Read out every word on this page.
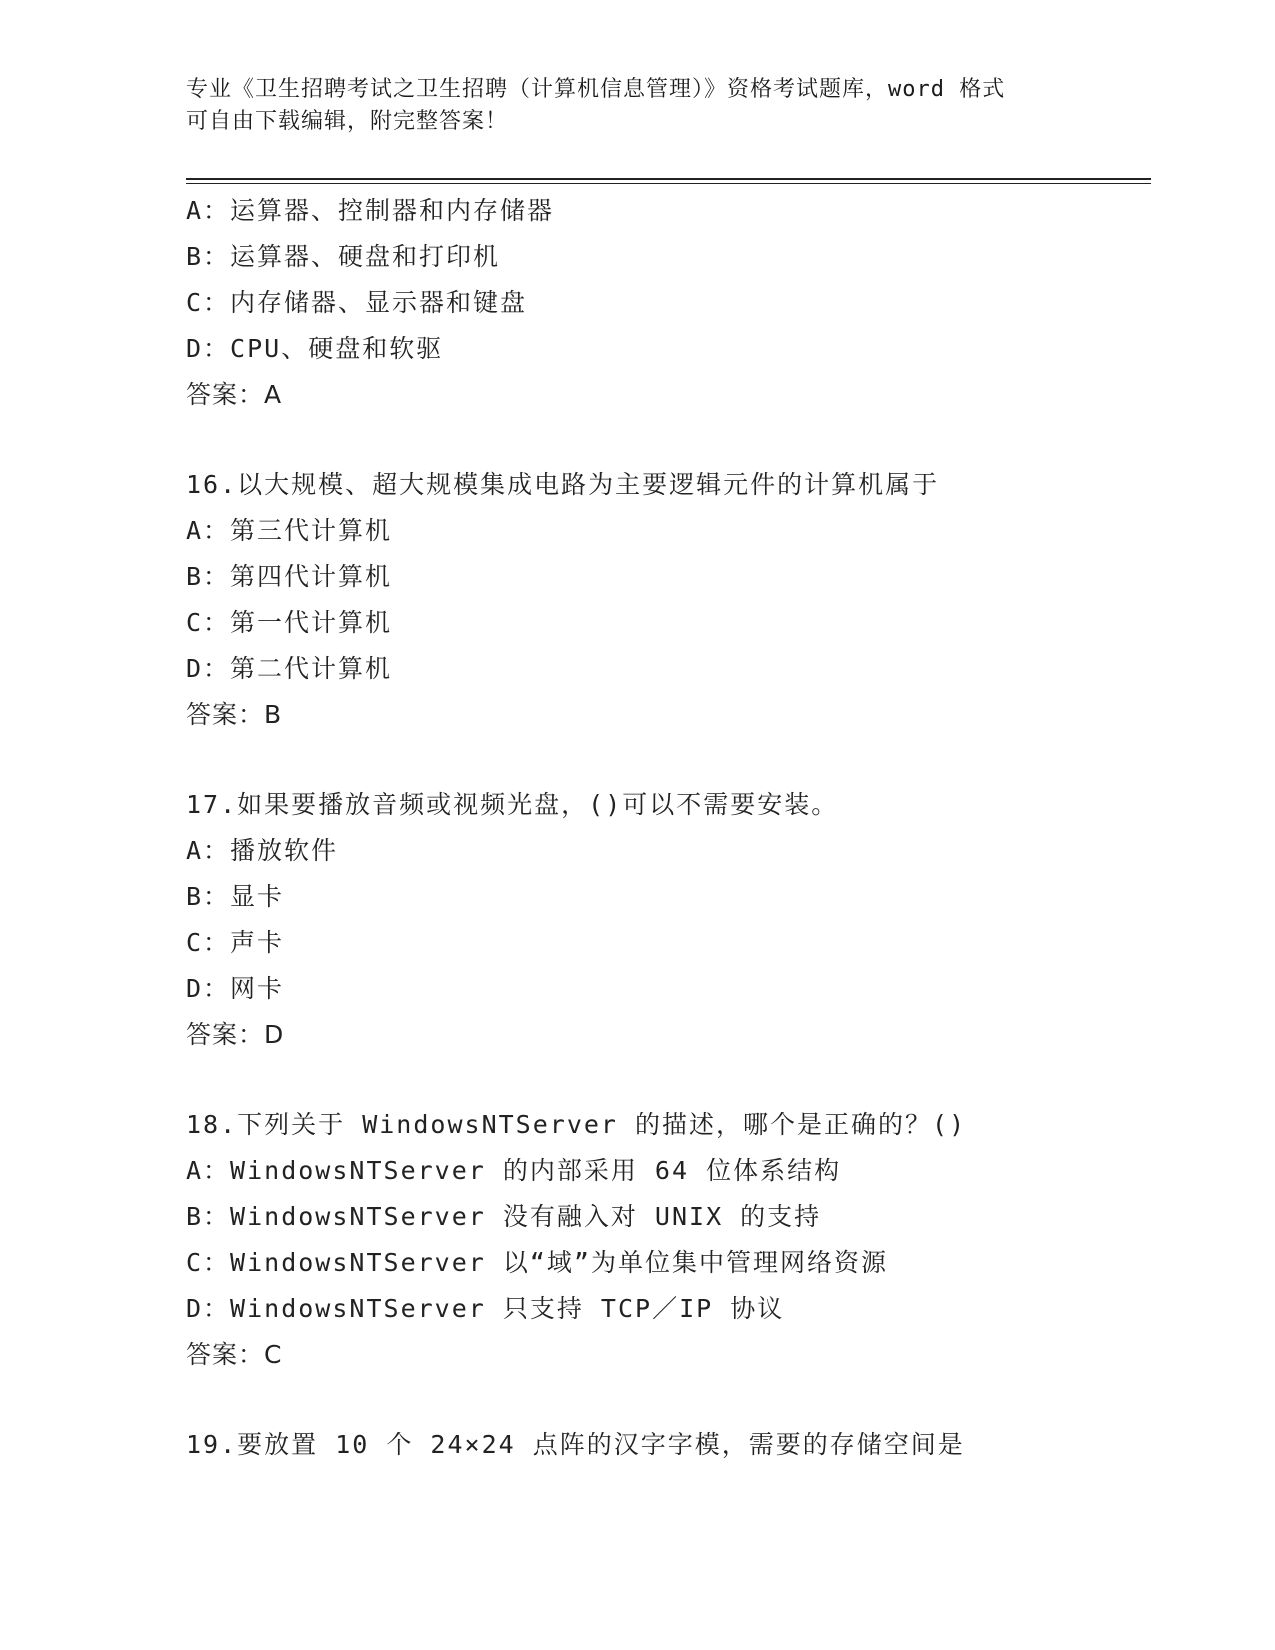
专业《卫生招聘考试之卫生招聘（计算机信息管理）》资格考试题库，word 格式
可自由下载编辑，附完整答案！
A：运算器、控制器和内存储器
B：运算器、硬盘和打印机
C：内存储器、显示器和键盘
D：CPU、硬盘和软驱
答案：A
16.以大规模、超大规模集成电路为主要逻辑元件的计算机属于
A：第三代计算机
B：第四代计算机
C：第一代计算机
D：第二代计算机
答案：B
17.如果要播放音频或视频光盘，()可以不需要安装。
A：播放软件
B：显卡
C：声卡
D：网卡
答案：D
18.下列关于 WindowsNTServer 的描述，哪个是正确的？()
A：WindowsNTServer 的内部采用 64 位体系结构
B：WindowsNTServer 没有融入对 UNIX 的支持
C：WindowsNTServer 以“域”为单位集中管理网络资源
D：WindowsNTServer 只支持 TCP／IP 协议
答案：C
19.要放置 10 个 24×24 点阵的汉字字模，需要的存储空间是
